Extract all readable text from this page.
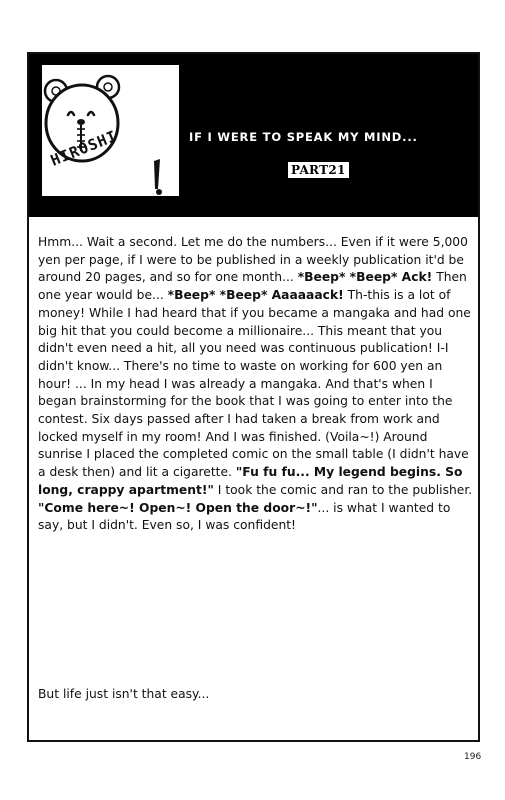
HIROSHI	IF I WERE TO SPEAK MY MIND...
PART21

Hmm... Wait a second. Let me do the numbers... Even if it were 5,000 yen per page, if I were to be published in a weekly publication it'd be around 20 pages, and so for one month... *Beep* *Beep* Ack! Then one year would be... *Beep* *Beep* Aaaaaack! Th-this is a lot of money! While I had heard that if you became a mangaka and had one big hit that you could become a millionaire... This meant that you didn't even need a hit, all you need was continuous publication! I-I didn't know... There's no time to waste on working for 600 yen an hour! ... In my head I was already a mangaka. And that's when I began brainstorming for the book that I was going to enter into the contest. Six days passed after I had taken a break from work and locked myself in my room! And I was finished. (Voila~!) Around sunrise I placed the completed comic on the small table (I didn't have a desk then) and lit a cigarette. "Fu fu fu... My legend begins. So long, crappy apartment!" I took the comic and ran to the publisher. "Come here~! Open~! Open the door~!"... is what I wanted to say, but I didn't. Even so, I was confident!

But life just isn't that easy...

196
